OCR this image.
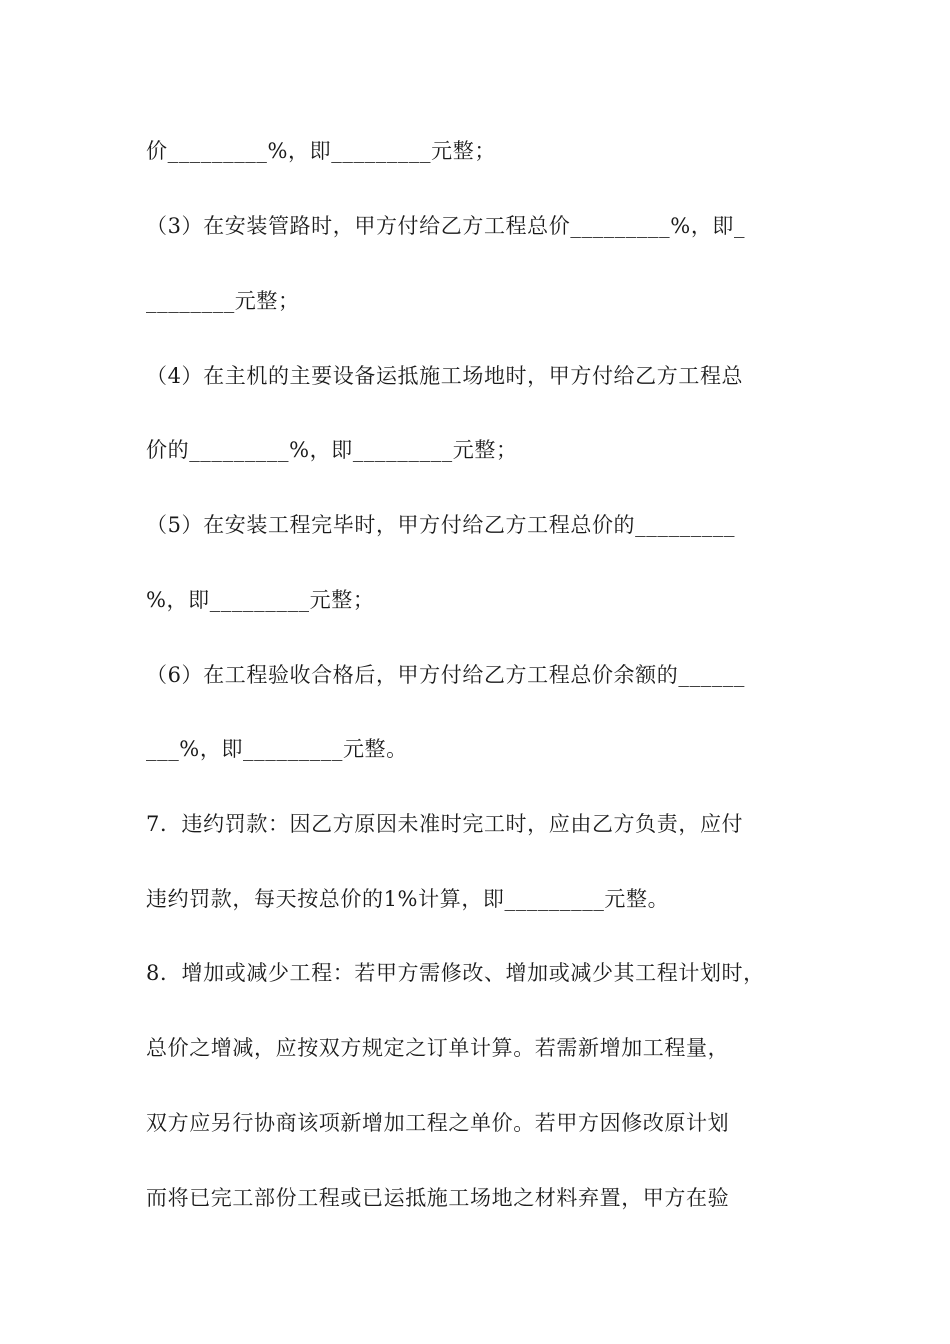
价_________%，即_________元整；
（3）在安装管路时，甲方付给乙方工程总价_________%，即_
________元整；
（4）在主机的主要设备运抵施工场地时，甲方付给乙方工程总
价的_________%，即_________元整；
（5）在安装工程完毕时，甲方付给乙方工程总价的_________
%，即_________元整；
（6）在工程验收合格后，甲方付给乙方工程总价余额的______
___%，即_________元整。
7．违约罚款：因乙方原因未准时完工时，应由乙方负责，应付
违约罚款，每天按总价的1%计算，即_________元整。
8．增加或减少工程：若甲方需修改、增加或减少其工程计划时，
总价之增减，应按双方规定之订单计算。若需新增加工程量，
双方应另行协商该项新增加工程之单价。若甲方因修改原计划
而将已完工部份工程或已运抵施工场地之材料弃置，甲方在验
